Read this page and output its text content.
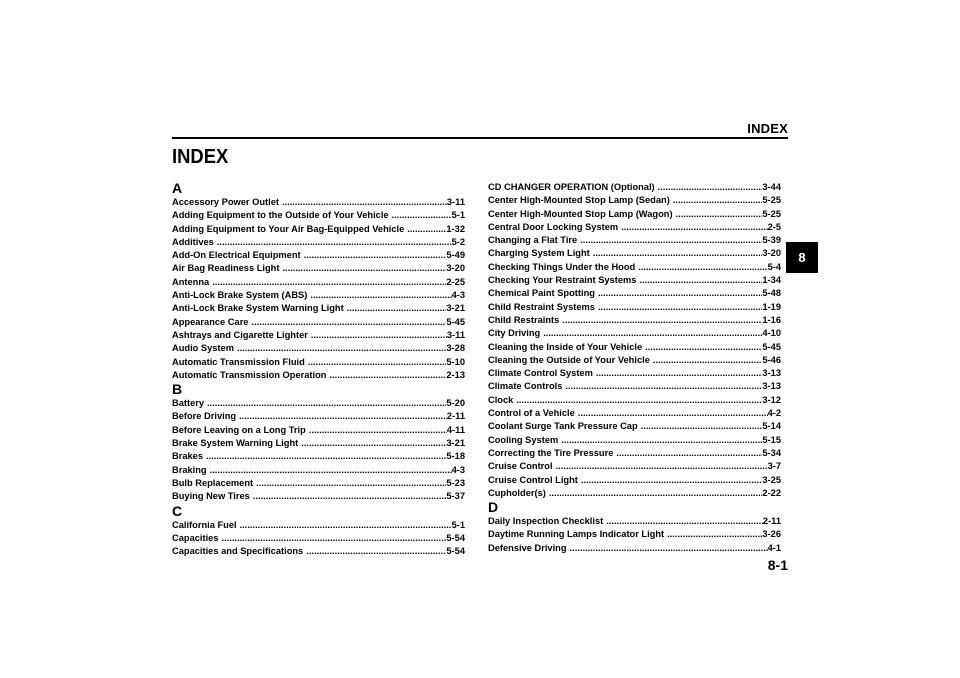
INDEX
8
INDEX
A
Accessory Power Outlet .....	3-11
Adding Equipment to the Outside of Your Vehicle .....	5-1
Adding Equipment to Your Air Bag-Equipped Vehicle .....	1-32
Additives .....	5-2
Add-On Electrical Equipment .....	5-49
Air Bag Readiness Light .....	3-20
Antenna .....	2-25
Anti-Lock Brake System (ABS) .....	4-3
Anti-Lock Brake System Warning Light .....	3-21
Appearance Care .....	5-45
Ashtrays and Cigarette Lighter .....	3-11
Audio System .....	3-28
Automatic Transmission Fluid .....	5-10
Automatic Transmission Operation .....	2-13
B
Battery .....	5-20
Before Driving .....	2-11
Before Leaving on a Long Trip .....	4-11
Brake System Warning Light .....	3-21
Brakes .....	5-18
Braking .....	4-3
Bulb Replacement .....	5-23
Buying New Tires .....	5-37
C
California Fuel .....	5-1
Capacities .....	5-54
Capacities and Specifications .....	5-54
CD CHANGER OPERATION (Optional) .....	3-44
Center High-Mounted Stop Lamp (Sedan) .....	5-25
Center High-Mounted Stop Lamp (Wagon) .....	5-25
Central Door Locking System .....	2-5
Changing a Flat Tire .....	5-39
Charging System Light .....	3-20
Checking Things Under the Hood .....	5-4
Checking Your Restraint Systems .....	1-34
Chemical Paint Spotting .....	5-48
Child Restraint Systems .....	1-19
Child Restraints .....	1-16
City Driving .....	4-10
Cleaning the Inside of Your Vehicle .....	5-45
Cleaning the Outside of Your Vehicle .....	5-46
Climate Control System .....	3-13
Climate Controls .....	3-13
Clock .....	3-12
Control of a Vehicle .....	4-2
Coolant Surge Tank Pressure Cap .....	5-14
Cooling System .....	5-15
Correcting the Tire Pressure .....	5-34
Cruise Control .....	3-7
Cruise Control Light .....	3-25
Cupholder(s) .....	2-22
D
Daily Inspection Checklist .....	2-11
Daytime Running Lamps Indicator Light .....	3-26
Defensive Driving .....	4-1
8-1
